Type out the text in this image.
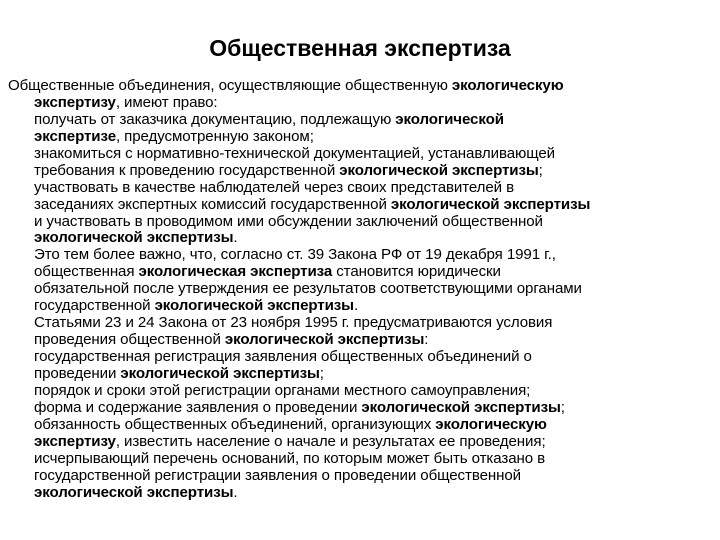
Общественная экспертиза
Общественные объединения, осуществляющие общественную экологическую
экспертизу, имеют право:
получать от заказчика документацию, подлежащую экологической
экспертизе, предусмотренную законом;
знакомиться с нормативно-технической документацией, устанавливающей
требования к проведению государственной экологической экспертизы;
участвовать в качестве наблюдателей через своих представителей в
заседаниях экспертных комиссий государственной экологической экспертизы
и участвовать в проводимом ими обсуждении заключений общественной
экологической экспертизы.
Это тем более важно, что, согласно ст. 39 Закона РФ от 19 декабря 1991 г.,
общественная экологическая экспертиза становится юридически
обязательной после утверждения ее результатов соответствующими органами
государственной экологической экспертизы.
Статьями 23 и 24 Закона от 23 ноября 1995 г. предусматриваются условия
проведения общественной экологической экспертизы:
государственная регистрация заявления общественных объединений о
проведении экологической экспертизы;
порядок и сроки этой регистрации органами местного самоуправления;
форма и содержание заявления о проведении экологической экспертизы;
обязанность общественных объединений, организующих экологическую
экспертизу, известить население о начале и результатах ее проведения;
исчерпывающий перечень оснований, по которым может быть отказано в
государственной регистрации заявления о проведении общественной
экологической экспертизы.
